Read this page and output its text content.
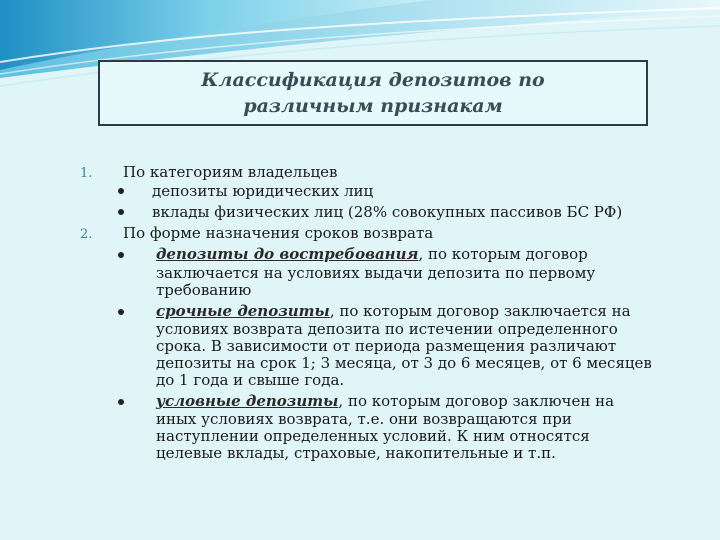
Классификация депозитов по
различным признакам
1. По категориям владельцев
депозиты юридических лиц
вклады физических лиц (28% совокупных пассивов БС РФ)
2. По форме назначения сроков возврата
депозиты до востребования, по которым договор
заключается на условиях выдачи депозита по первому
требованию
срочные депозиты, по которым договор заключается на
условиях возврата депозита по истечении определенного
срока. В зависимости от периода размещения различают
депозиты на срок 1; 3 месяца, от 3 до 6 месяцев, от 6 месяцев
до 1 года и свыше года.
условные депозиты, по которым договор заключен на
иных условиях возврата, т.е. они возвращаются при
наступлении определенных условий. К ним относятся
целевые вклады, страховые, накопительные и т.п.
